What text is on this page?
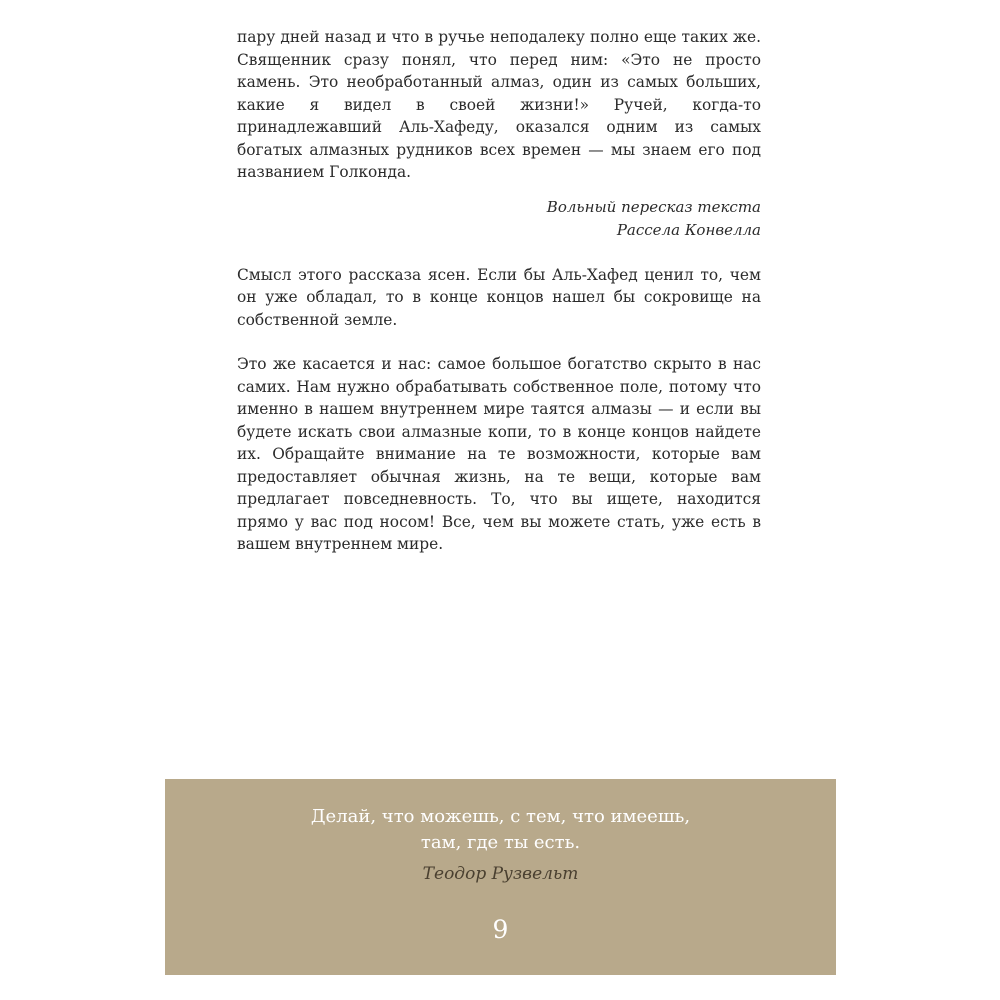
пару дней назад и что в ручье неподалеку полно еще таких же. Священник сразу понял, что перед ним: «Это не просто камень. Это необработанный алмаз, один из самых больших, какие я видел в своей жизни!» Ручей, когда-то принадлежавший Аль-Хафеду, оказался одним из самых богатых алмазных рудников всех времен — мы знаем его под названием Голконда.

Вольный пересказ текста
Рассела Конвелла

Смысл этого рассказа ясен. Если бы Аль-Хафед ценил то, чем он уже обладал, то в конце концов нашел бы сокровище на собственной земле.

Это же касается и нас: самое большое богатство скрыто в нас самих. Нам нужно обрабатывать собственное поле, потому что именно в нашем внутреннем мире таятся алмазы — и если вы будете искать свои алмазные копи, то в конце концов найдете их. Обращайте внимание на те возможности, которые вам предоставляет обычная жизнь, на те вещи, которые вам предлагает повседневность. То, что вы ищете, находится прямо у вас под носом! Все, чем вы можете стать, уже есть в вашем внутреннем мире.

Делай, что можешь, с тем, что имеешь,
там, где ты есть.

Теодор Рузвельт

9
